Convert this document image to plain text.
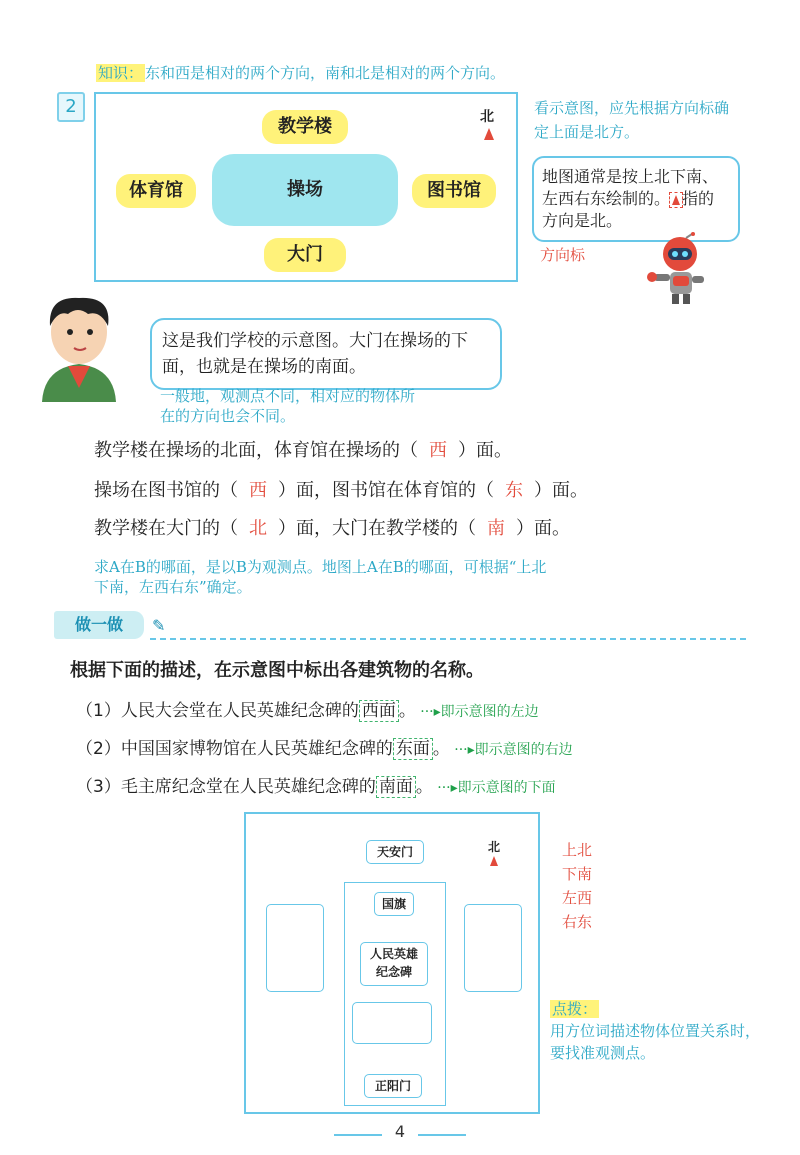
知识： 东和西是相对的两个方向，南和北是相对的两个方向。
2
教学楼
操场
体育馆	图书馆
大门
北	看示意图，应先根据方向标确定上面是北方。
地图通常是按上北下南、左西右东绘制的。 指的方向是北。
方向标
这是我们学校的示意图。大门在操场的下面，也就是在操场的南面。
一般地，观测点不同，相对应的物体所在的方向也会不同。
教学楼在操场的北面，体育馆在操场的（ 西 ）面。
操场在图书馆的（ 西 ）面，图书馆在体育馆的（ 东 ）面。
教学楼在大门的（ 北 ）面，大门在教学楼的（ 南 ）面。
求A在B的哪面，是以B为观测点。地图上A在B的哪面，可根据“上北下南，左西右东”确定。
做一做	✎
根据下面的描述，在示意图中标出各建筑物的名称。
（1）人民大会堂在人民英雄纪念碑的 西面 。 ···▸即示意图的左边
（2）中国国家博物馆在人民英雄纪念碑的 东面 。 ···▸即示意图的右边
（3）毛主席纪念堂在人民英雄纪念碑的 南面 。 ···▸即示意图的下面
天安门	北
国旗
人民英雄
纪念碑
正阳门
上北
下南
左西
右东
点拨：
用方位词描述物体位置关系时，要找准观测点。
4
